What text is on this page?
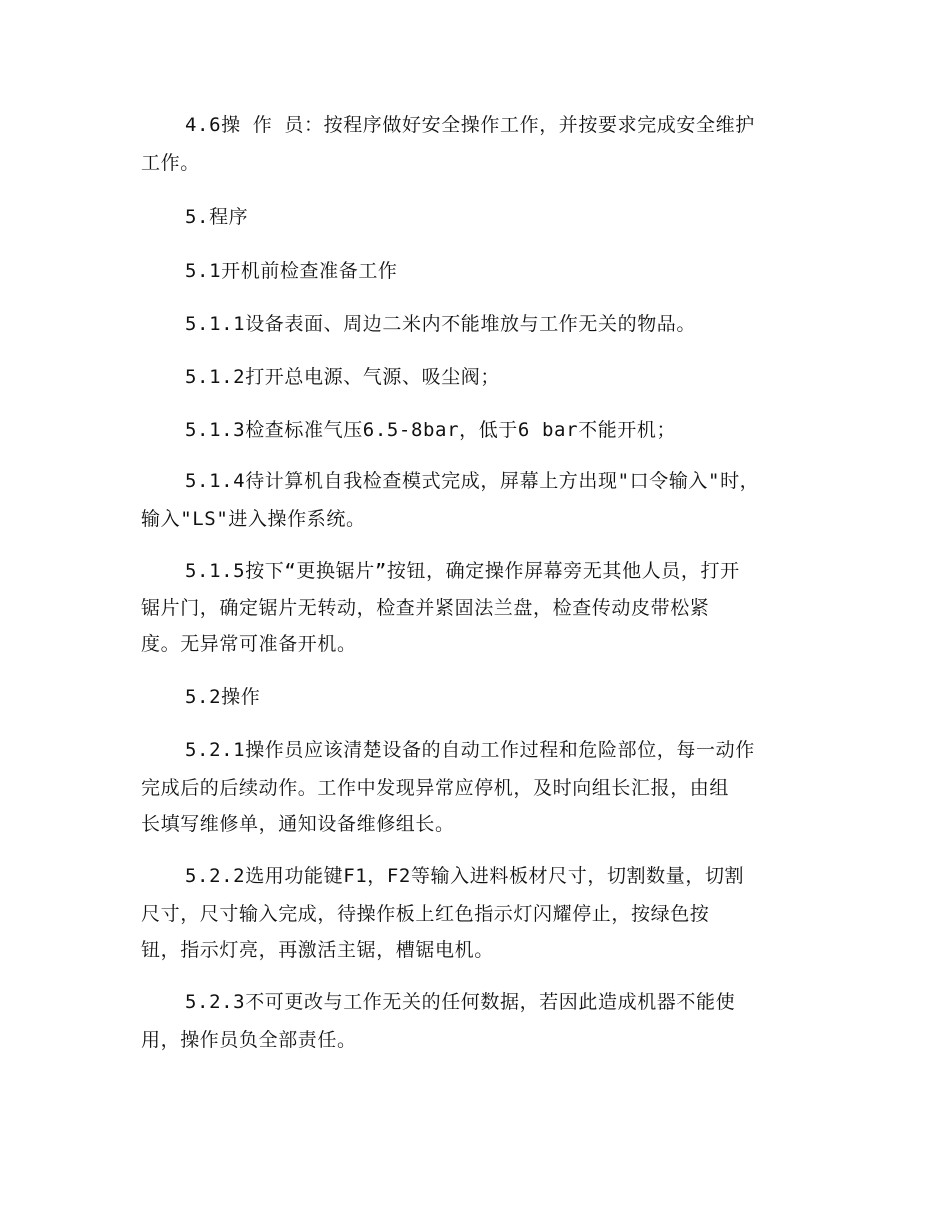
4.6操 作 员：按程序做好安全操作工作，并按要求完成安全维护
工作。
5.程序
5.1开机前检查准备工作
5.1.1设备表面、周边二米内不能堆放与工作无关的物品。
5.1.2打开总电源、气源、吸尘阀；
5.1.3检查标准气压6.5-8bar，低于6 bar不能开机；
5.1.4待计算机自我检查模式完成，屏幕上方出现"口令输入"时，
输入"LS"进入操作系统。
5.1.5按下“更换锯片”按钮，确定操作屏幕旁无其他人员，打开
锯片门，确定锯片无转动，检查并紧固法兰盘，检查传动皮带松紧
度。无异常可准备开机。
5.2操作
5.2.1操作员应该清楚设备的自动工作过程和危险部位，每一动作
完成后的后续动作。工作中发现异常应停机，及时向组长汇报，由组
长填写维修单，通知设备维修组长。
5.2.2选用功能键F1，F2等输入进料板材尺寸，切割数量，切割
尺寸，尺寸输入完成，待操作板上红色指示灯闪耀停止，按绿色按
钮，指示灯亮，再激活主锯，槽锯电机。
5.2.3不可更改与工作无关的任何数据，若因此造成机器不能使
用，操作员负全部责任。
